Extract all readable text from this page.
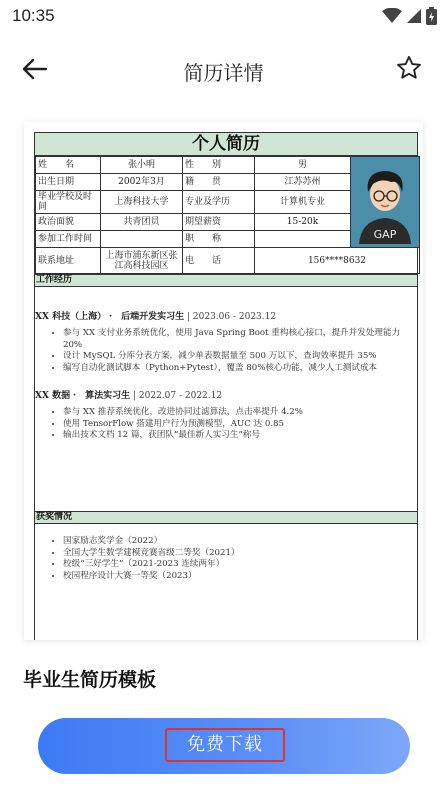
10:35
简历详情
个人简历
姓　　名	张小明	性　　别	男	GAP

出生日期	2002年3月	籍　　贯	江苏苏州	
毕业学校及时间	上海科技大学	专业及学历	计算机专业	
政治面貌	共青团员	期望薪资	15-20k	
参加工作时间		职　　称		
联系地址	上海市浦东新区张江高科技园区	电　　话	156****8632	
工作经历
XX 科技（上海） ·　后端开发实习生 | 2023.06 - 2023.12
• 参与 XX 支付业务系统优化，使用 Java Spring Boot 重构核心接口，提升并发处理能力 20%
• 设计 MySQL 分库分表方案，减少单表数据量至 500 万以下，查询效率提升 35%
• 编写自动化测试脚本（Python+Pytest），覆盖 80%核心功能，减少人工测试成本
XX 数据 ·　算法实习生 | 2022.07 - 2022.12
• 参与 XX 推荐系统优化，改进协同过滤算法，点击率提升 4.2%
• 使用 TensorFlow 搭建用户行为预测模型，AUC 达 0.85
• 输出技术文档 12 篇，获团队“最佳新人实习生”称号
获奖情况
• 国家励志奖学金（2022）
• 全国大学生数学建模竞赛省级二等奖（2021）
• 校级“三好学生”（2021-2023 连续两年）
• 校园程序设计大赛一等奖（2023）
毕业生简历模板
免费下载
